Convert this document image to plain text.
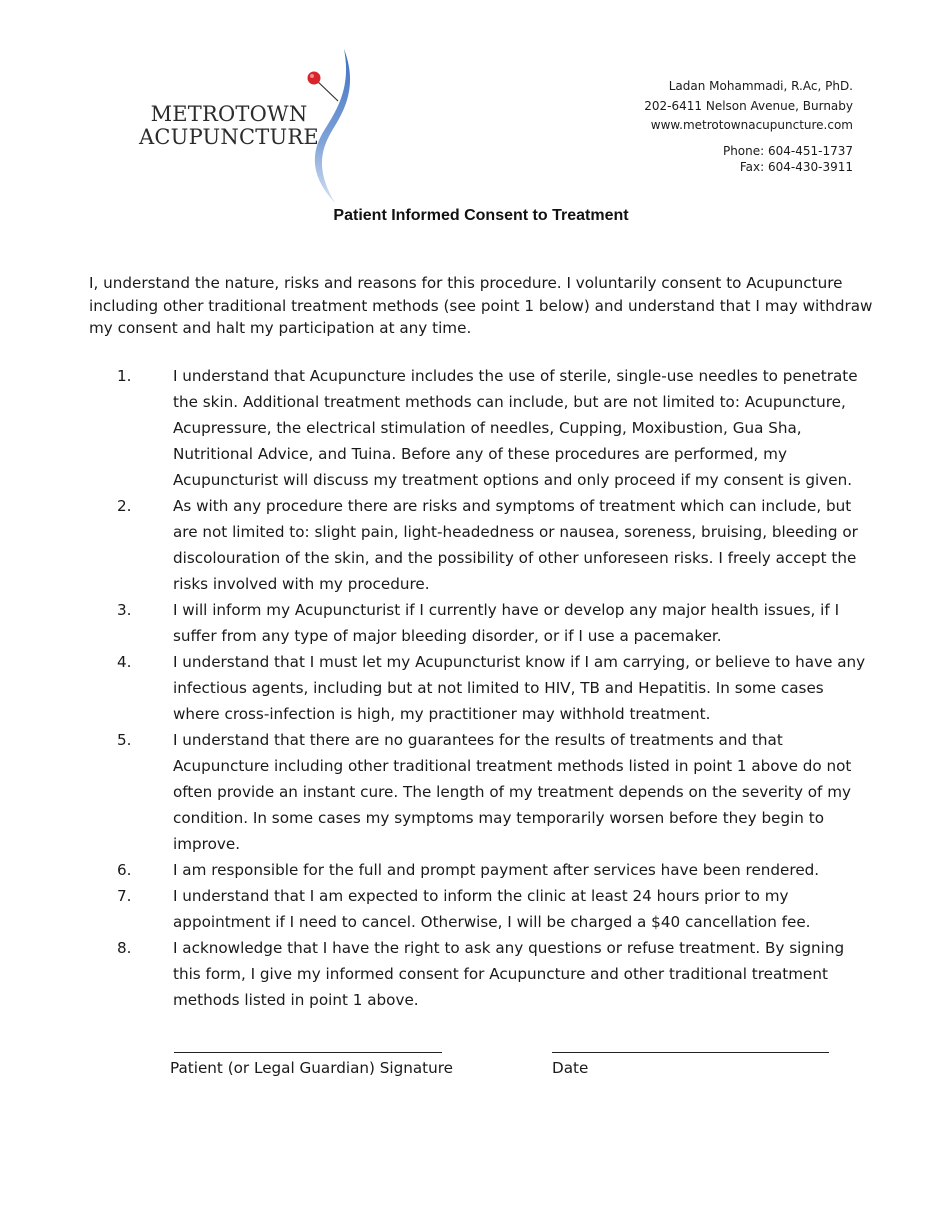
METROTOWN
ACUPUNCTURE
Ladan Mohammadi, R.Ac, PhD.
202-6411 Nelson Avenue, Burnaby
www.metrotownacupuncture.com
Phone: 604-451-1737
Fax: 604-430-3911
Patient Informed Consent to Treatment
I, understand the nature, risks and reasons for this procedure. I voluntarily consent to Acupuncture including other traditional treatment methods (see point 1 below) and understand that I may withdraw my consent and halt my participation at any time.
1.	I understand that Acupuncture includes the use of sterile, single-use needles to penetrate the skin. Additional treatment methods can include, but are not limited to: Acupuncture, Acupressure, the electrical stimulation of needles, Cupping, Moxibustion, Gua Sha, Nutritional Advice, and Tuina. Before any of these procedures are performed, my Acupuncturist will discuss my treatment options and only proceed if my consent is given.
2.	As with any procedure there are risks and symptoms of treatment which can include, but are not limited to: slight pain, light-headedness or nausea, soreness, bruising, bleeding or discolouration of the skin, and the possibility of other unforeseen risks. I freely accept the risks involved with my procedure.
3.	I will inform my Acupuncturist if I currently have or develop any major health issues, if I suffer from any type of major bleeding disorder, or if I use a pacemaker.
4.	I understand that I must let my Acupuncturist know if I am carrying, or believe to have any infectious agents, including but at not limited to HIV, TB and Hepatitis. In some cases where cross-infection is high, my practitioner may withhold treatment.
5.	I understand that there are no guarantees for the results of treatments and that Acupuncture including other traditional treatment methods listed in point 1 above do not often provide an instant cure. The length of my treatment depends on the severity of my condition. In some cases my symptoms may temporarily worsen before they begin to improve.
6.	I am responsible for the full and prompt payment after services have been rendered.
7.	I understand that I am expected to inform the clinic at least 24 hours prior to my appointment if I need to cancel. Otherwise, I will be charged a $40 cancellation fee.
8.	I acknowledge that I have the right to ask any questions or refuse treatment. By signing this form, I give my informed consent for Acupuncture and other traditional treatment methods listed in point 1 above.
Patient (or Legal Guardian) Signature	Date
